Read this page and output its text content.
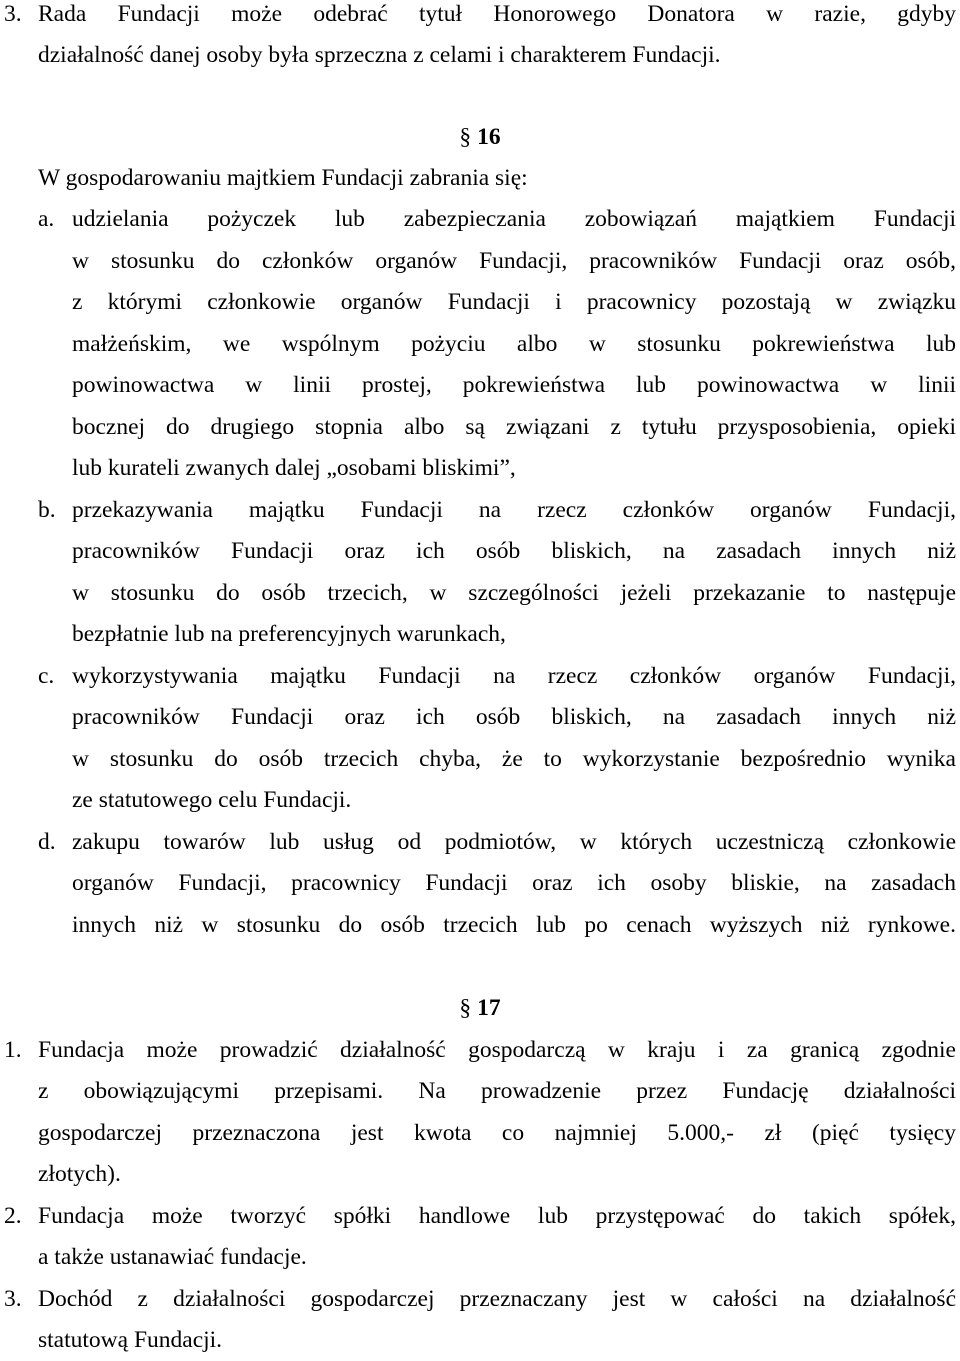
3. Rada Fundacji może odebrać tytuł Honorowego Donatora w razie, gdyby
działalność danej osoby była sprzeczna z celami i charakterem Fundacji.
§ 16
W gospodarowaniu majtkiem Fundacji zabrania się:
a. udzielania pożyczek lub zabezpieczania zobowiązań majątkiem Fundacji
w stosunku do członków organów Fundacji, pracowników Fundacji oraz osób,
z którymi członkowie organów Fundacji i pracownicy pozostają w związku
małżeńskim, we wspólnym pożyciu albo w stosunku pokrewieństwa lub
powinowactwa w linii prostej, pokrewieństwa lub powinowactwa w linii
bocznej do drugiego stopnia albo są związani z tytułu przysposobienia, opieki
lub kurateli zwanych dalej „osobami bliskimi”,
b. przekazywania majątku Fundacji na rzecz członków organów Fundacji,
pracowników Fundacji oraz ich osób bliskich, na zasadach innych niż
w stosunku do osób trzecich, w szczególności jeżeli przekazanie to następuje
bezpłatnie lub na preferencyjnych warunkach,
c. wykorzystywania majątku Fundacji na rzecz członków organów Fundacji,
pracowników Fundacji oraz ich osób bliskich, na zasadach innych niż
w stosunku do osób trzecich chyba, że to wykorzystanie bezpośrednio wynika
ze statutowego celu Fundacji.
d. zakupu towarów lub usług od podmiotów, w których uczestniczą członkowie
organów Fundacji, pracownicy Fundacji oraz ich osoby bliskie, na zasadach
innych niż w stosunku do osób trzecich lub po cenach wyższych niż rynkowe.
§ 17
1. Fundacja może prowadzić działalność gospodarczą w kraju i za granicą zgodnie
z obowiązującymi przepisami. Na prowadzenie przez Fundację działalności
gospodarczej przeznaczona jest kwota co najmniej 5.000,- zł (pięć tysięcy
złotych).
2. Fundacja może tworzyć spółki handlowe lub przystępować do takich spółek,
a także ustanawiać fundacje.
3. Dochód z działalności gospodarczej przeznaczany jest w całości na działalność
statutową Fundacji.
